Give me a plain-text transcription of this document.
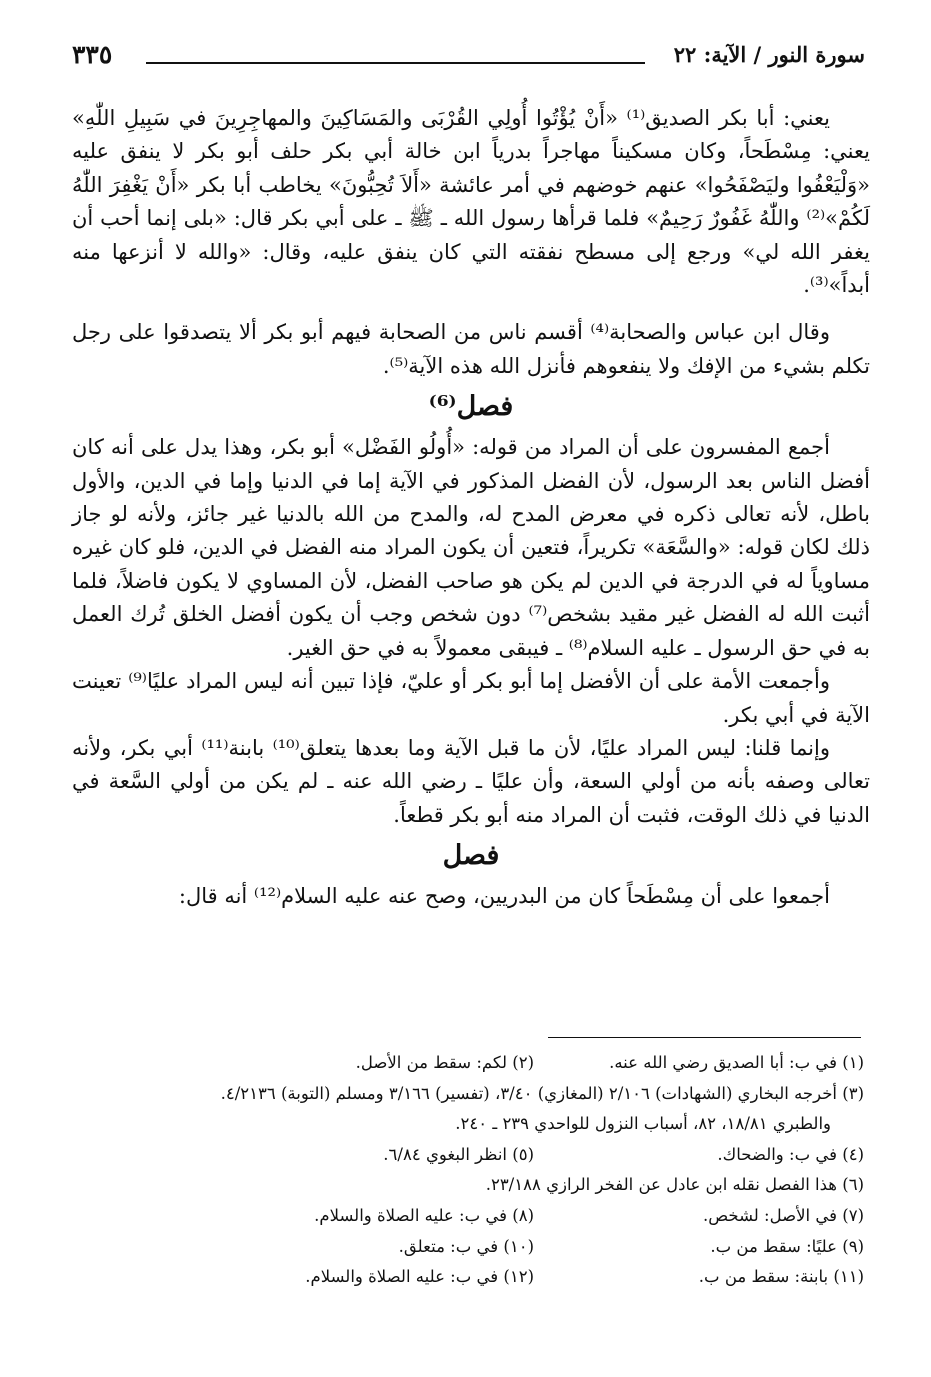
سورة النور / الآية: ٢٢
٣٣٥

يعني: أبا بكر الصديق⁽¹⁾ «أَنْ يُؤْتُوا أُولِي القُرْبَى والمَسَاكِينَ والمهاجِرِينَ في سَبِيلِ اللّٰهِ» يعني: مِسْطَحاً، وكان مسكيناً مهاجراً بدرياً ابن خالة أبي بكر حلف أبو بكر لا ينفق عليه «وَلْيَعْفُوا وليَصْفَحُوا» عنهم خوضهم في أمر عائشة «أَلاَ تُحِبُّونَ» يخاطب أبا بكر «أَنْ يَغْفِرَ اللّٰهُ لَكُمْ»⁽²⁾ واللّٰهُ غَفُورٌ رَحِيمٌ» فلما قرأها رسول الله ـ ﷺ ـ على أبي بكر قال: «بلى إنما أحب أن يغفر الله لي» ورجع إلى مسطح نفقته التي كان ينفق عليه، وقال: «والله لا أنزعها منه أبداً»⁽³⁾.

وقال ابن عباس والصحابة⁽⁴⁾ أقسم ناس من الصحابة فيهم أبو بكر ألا يتصدقوا على رجل تكلم بشيء من الإفك ولا ينفعوهم فأنزل الله هذه الآية⁽⁵⁾.

فصل⁽⁶⁾

أجمع المفسرون على أن المراد من قوله: «أُولُو الفَضْل» أبو بكر، وهذا يدل على أنه كان أفضل الناس بعد الرسول، لأن الفضل المذكور في الآية إما في الدنيا وإما في الدين، والأول باطل، لأنه تعالى ذكره في معرض المدح له، والمدح من الله بالدنيا غير جائز، ولأنه لو جاز ذلك لكان قوله: «والسَّعَة» تكريراً، فتعين أن يكون المراد منه الفضل في الدين، فلو كان غيره مساوياً له في الدرجة في الدين لم يكن هو صاحب الفضل، لأن المساوي لا يكون فاضلاً، فلما أثبت الله له الفضل غير مقيد بشخص⁽⁷⁾ دون شخص وجب أن يكون أفضل الخلق تُرك العمل به في حق الرسول ـ عليه السلام⁽⁸⁾ ـ فيبقى معمولاً به في حق الغير.

وأجمعت الأمة على أن الأفضل إما أبو بكر أو عليّ، فإذا تبين أنه ليس المراد عليًا⁽⁹⁾ تعينت الآية في أبي بكر.

وإنما قلنا: ليس المراد عليًا، لأن ما قبل الآية وما بعدها يتعلق⁽¹⁰⁾ بابنة⁽¹¹⁾ أبي بكر، ولأنه تعالى وصفه بأنه من أولي السعة، وأن عليًا ـ رضي الله عنه ـ لم يكن من أولي السَّعة في الدنيا في ذلك الوقت، فثبت أن المراد منه أبو بكر قطعاً.

فصل

أجمعوا على أن مِسْطَحاً كان من البدريين، وصح عنه عليه السلام⁽¹²⁾ أنه قال:

(١) في ب: أبا الصديق رضي الله عنه.
(٢) لكم: سقط من الأصل.
(٣) أخرجه البخاري (الشهادات) ٢/١٠٦ (المغازي) ٣/٤٠، (تفسير) ٣/١٦٦ ومسلم (التوبة) ٤/٢١٣٦.
والطبري ١٨/٨١، ٨٢، أسباب النزول للواحدي ٢٣٩ ـ ٢٤٠.
(٤) في ب: والضحاك.
(٥) انظر البغوي ٦/٨٤.
(٦) هذا الفصل نقله ابن عادل عن الفخر الرازي ٢٣/١٨٨.
(٧) في الأصل: لشخص.
(٨) في ب: عليه الصلاة والسلام.
(٩) عليًا: سقط من ب.
(١٠) في ب: متعلق.
(١١) بابنة: سقط من ب.
(١٢) في ب: عليه الصلاة والسلام.
